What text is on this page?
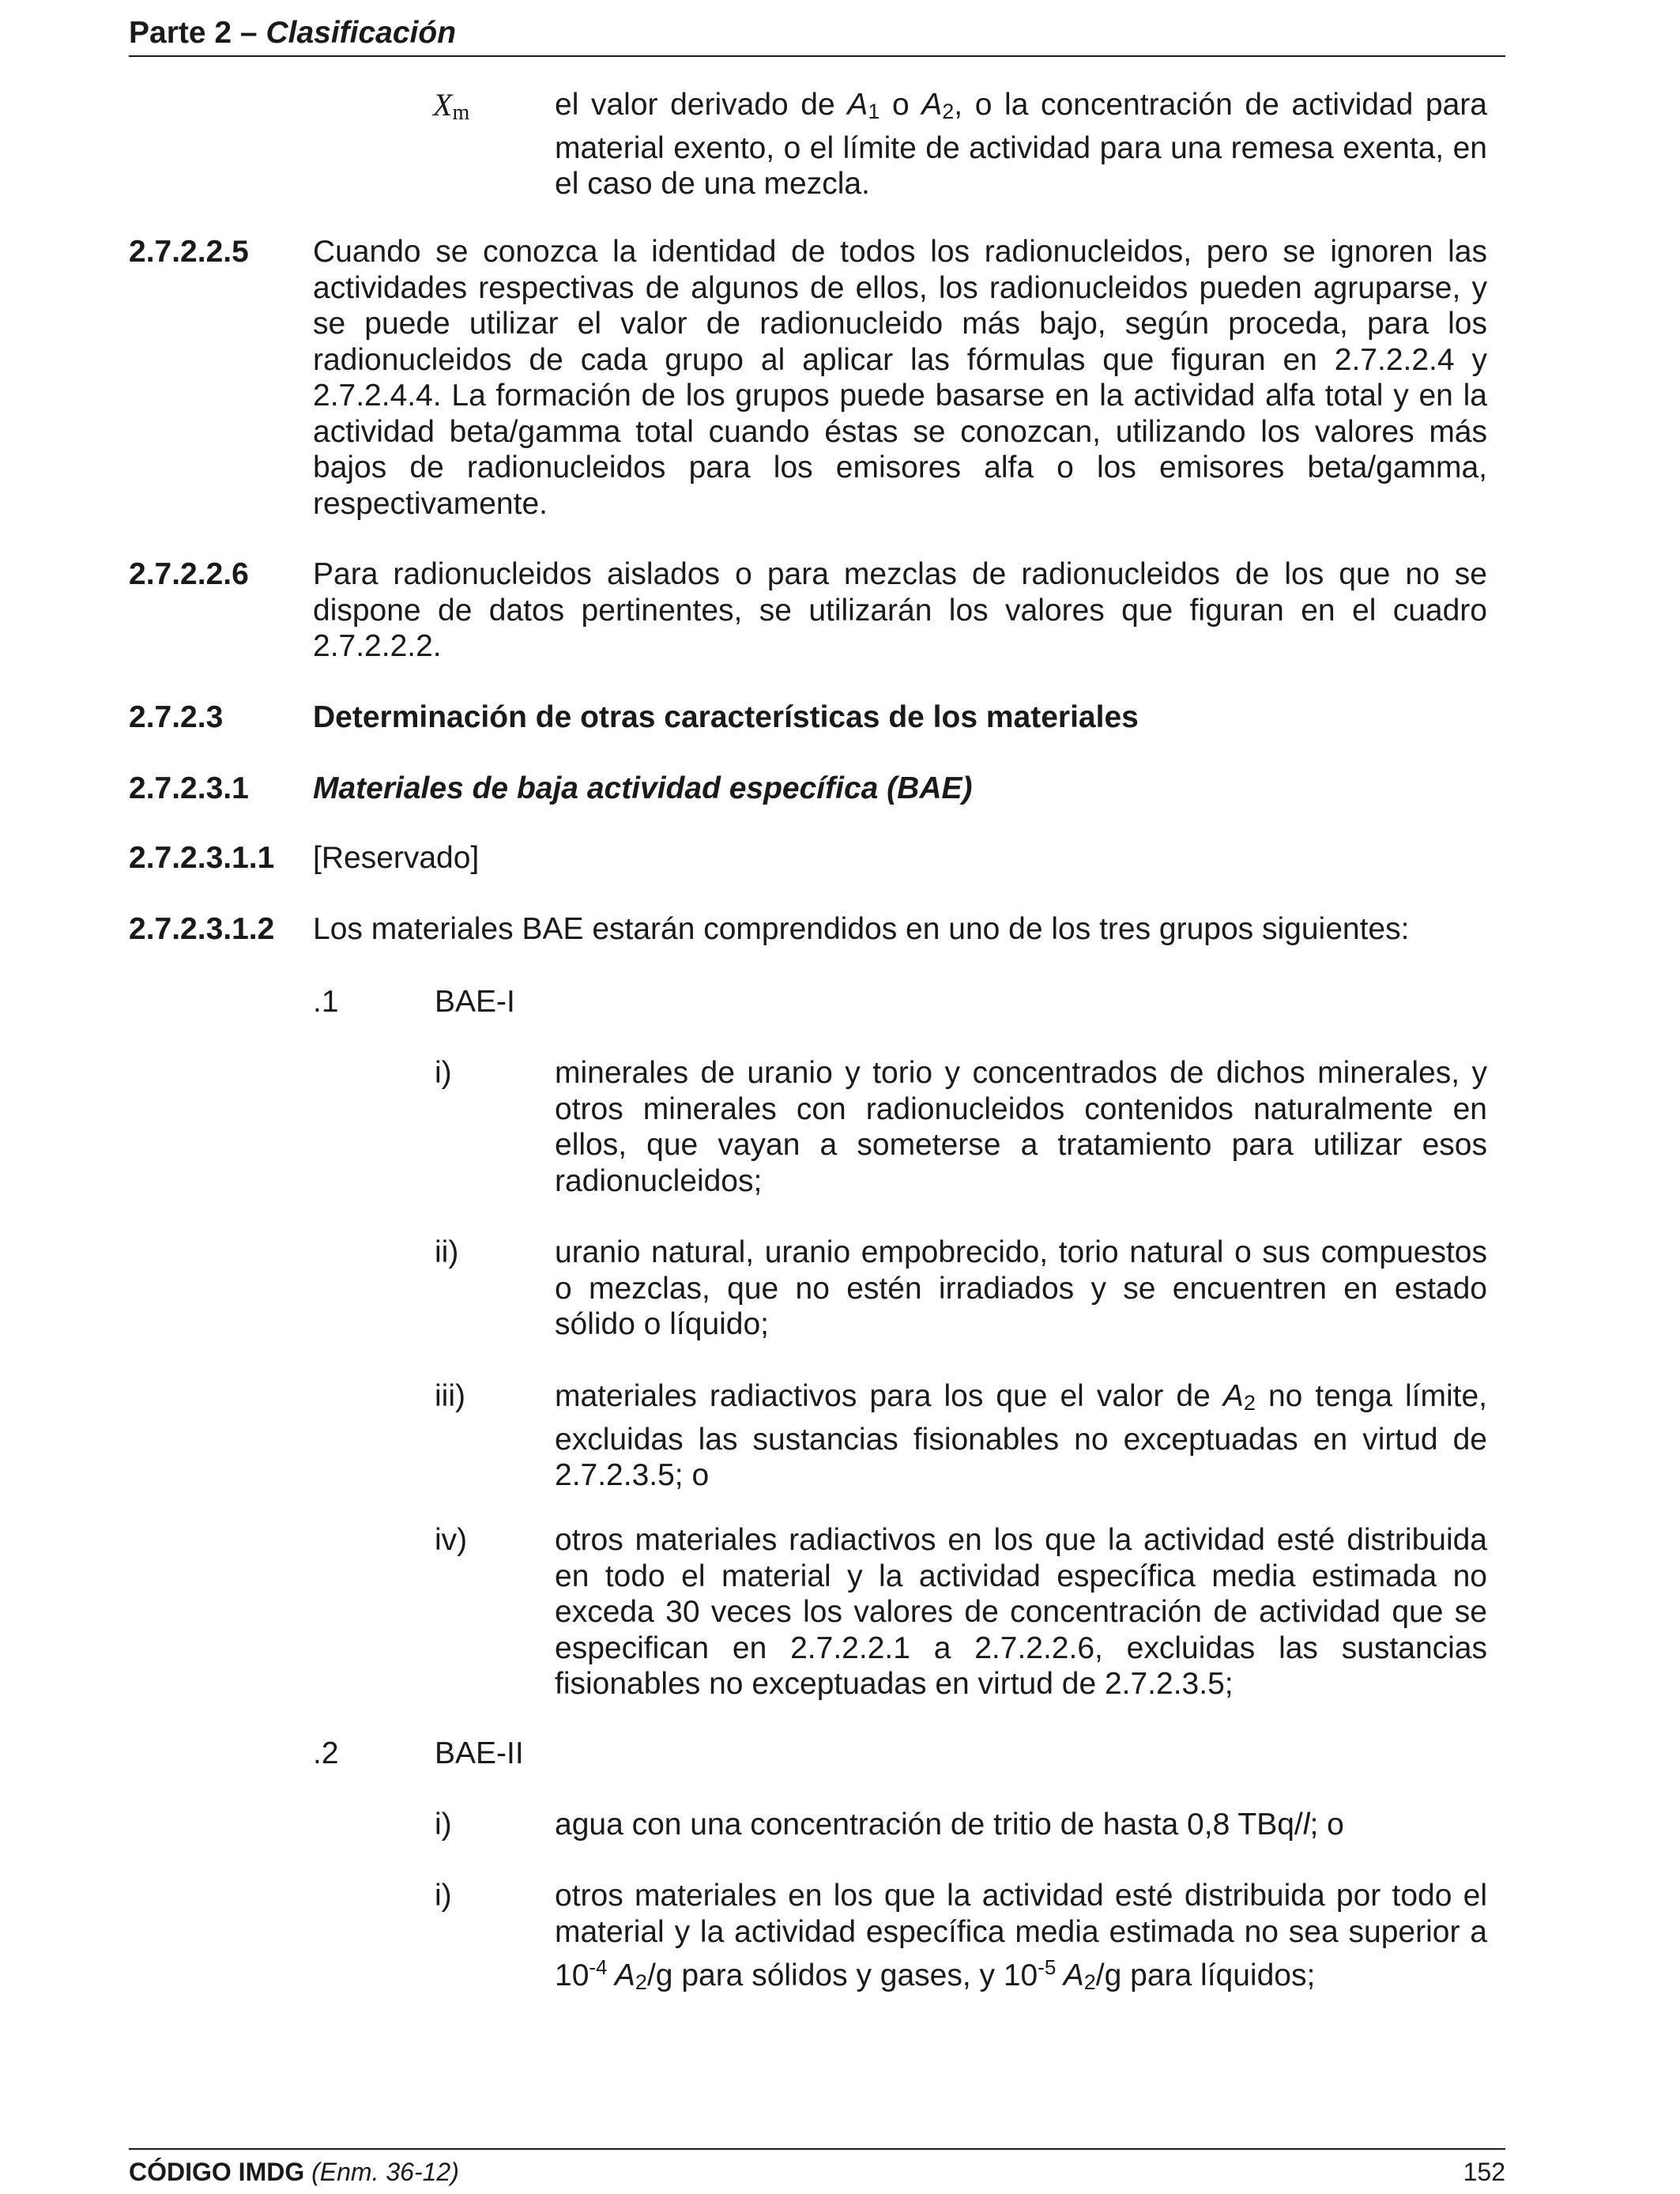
Parte 2 – Clasificación
Xm	el valor derivado de A1 o A2, o la concentración de actividad para material exento, o el límite de actividad para una remesa exenta, en el caso de una mezcla.
2.7.2.2.5 Cuando se conozca la identidad de todos los radionucleidos, pero se ignoren las actividades respectivas de algunos de ellos, los radionucleidos pueden agruparse, y se puede utilizar el valor de radionucleido más bajo, según proceda, para los radionucleidos de cada grupo al aplicar las fórmulas que figuran en 2.7.2.2.4 y 2.7.2.4.4. La formación de los grupos puede basarse en la actividad alfa total y en la actividad beta/gamma total cuando éstas se conozcan, utilizando los valores más bajos de radionucleidos para los emisores alfa o los emisores beta/gamma, respectivamente.
2.7.2.2.6 Para radionucleidos aislados o para mezclas de radionucleidos de los que no se dispone de datos pertinentes, se utilizarán los valores que figuran en el cuadro 2.7.2.2.2.
2.7.2.3	Determinación de otras características de los materiales
2.7.2.3.1 Materiales de baja actividad específica (BAE)
2.7.2.3.1.1 [Reservado]
2.7.2.3.1.2 Los materiales BAE estarán comprendidos en uno de los tres grupos siguientes:
.1	BAE-I
i)	minerales de uranio y torio y concentrados de dichos minerales, y otros minerales con radionucleidos contenidos naturalmente en ellos, que vayan a someterse a tratamiento para utilizar esos radionucleidos;
ii)	uranio natural, uranio empobrecido, torio natural o sus compuestos o mezclas, que no estén irradiados y se encuentren en estado sólido o líquido;
iii)	materiales radiactivos para los que el valor de A2 no tenga límite, excluidas las sustancias fisionables no exceptuadas en virtud de 2.7.2.3.5; o
iv)	otros materiales radiactivos en los que la actividad esté distribuida en todo el material y la actividad específica media estimada no exceda 30 veces los valores de concentración de actividad que se especifican en 2.7.2.2.1 a 2.7.2.2.6, excluidas las sustancias fisionables no exceptuadas en virtud de 2.7.2.3.5;
.2	BAE-II
i)	agua con una concentración de tritio de hasta 0,8 TBq/l; o
i)	otros materiales en los que la actividad esté distribuida por todo el material y la actividad específica media estimada no sea superior a $10^{-4}$ A2/g para sólidos y gases, y $10^{-5}$ A2/g para líquidos;
CÓDIGO IMDG (Enm. 36-12)	152
